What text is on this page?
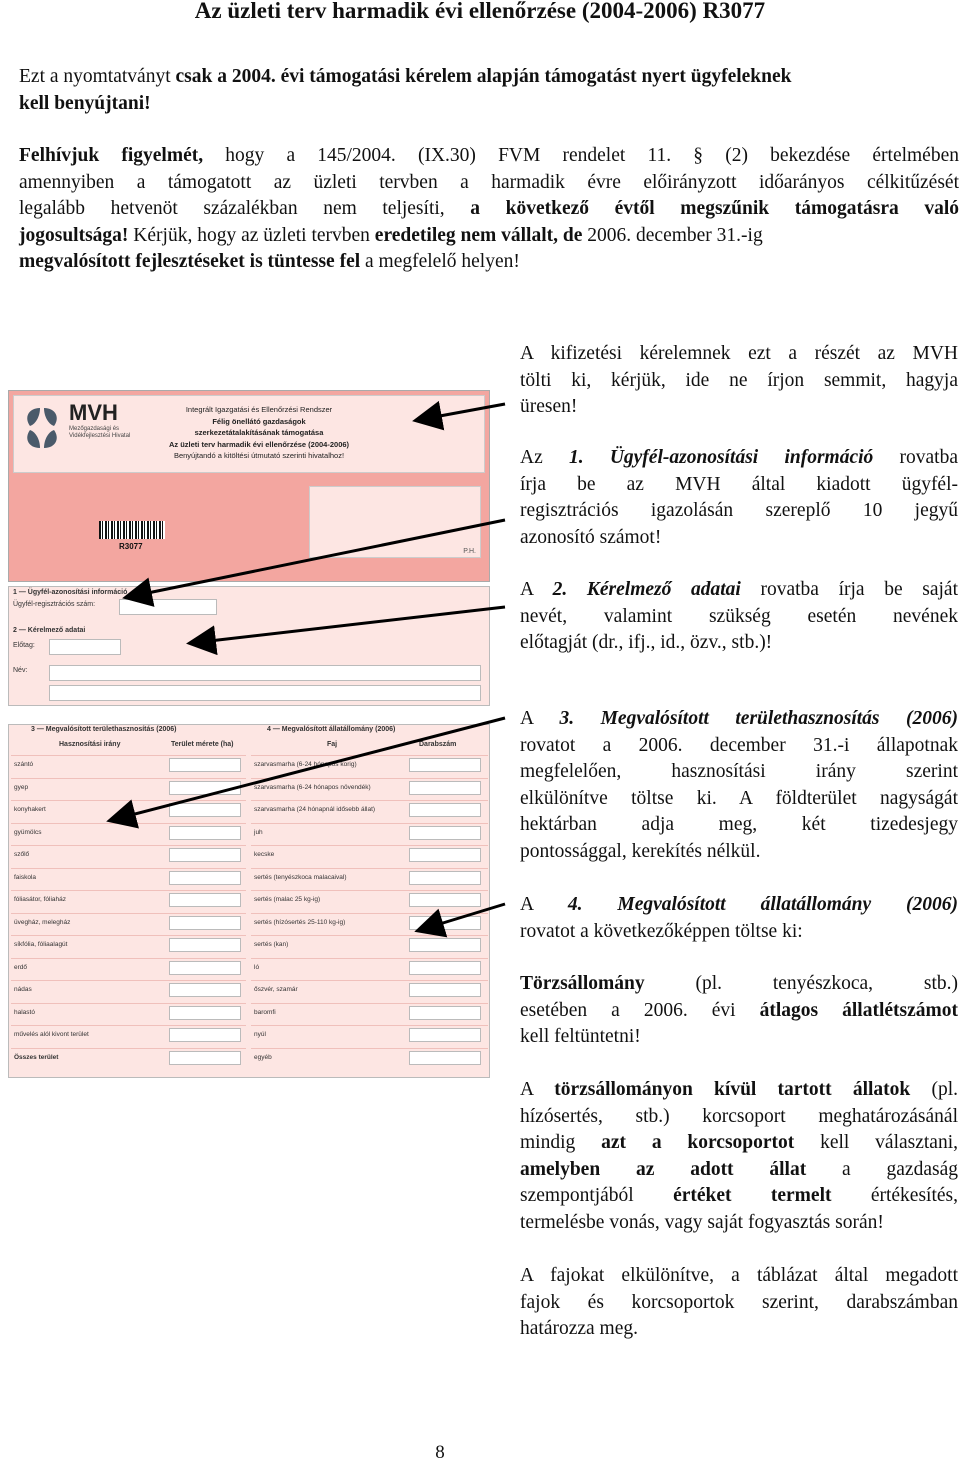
Az üzleti terv harmadik évi ellenőrzése (2004-2006) R3077
Ezt a nyomtatványt csak a 2004. évi támogatási kérelem alapján támogatást nyert ügyfeleknek
kell benyújtani!
Felhívjuk figyelmét, hogy a 145/2004. (IX.30) FVM rendelet 11. § (2) bekezdése értelmében
amennyiben a támogatott az üzleti tervben a harmadik évre előirányzott időarányos célkitűzését
legalább hetvenöt százalékban nem teljesíti, a következő évtől megszűnik támogatásra való
jogosultsága! Kérjük, hogy az üzleti tervben eredetileg nem vállalt, de 2006. december 31.-ig
megvalósított fejlesztéseket is tüntesse fel a megfelelő helyen!
MVH
Mezőgazdasági és Vidékfejlesztési Hivatal
Integrált Igazgatási és Ellenőrzési Rendszer
Félig önellátó gazdaságok
szerkezetátalakításának támogatása
Az üzleti terv harmadik évi ellenőrzése (2004-2006)
Benyújtandó a kitöltési útmutató szerinti hivatalhoz!
R3077
P.H.
1 — Ügyfél-azonosítási információ
Ügyfél-regisztrációs szám:
2 — Kérelmező adatai
Előtag:
Név:
3 — Megvalósított területhasznosítás (2006)
Hasznosítási irány	Terület mérete (ha)
4 — Megvalósított állatállomány (2006)
Faj	Darabszám
szántó
gyep
konyhakert
gyümölcs
szőlő
faiskola
fóliasátor, fóliaház
üvegház, melegház
síkfólia, fóliaalagút
erdő
nádas
halastó
művelés alól kivont terület
Összes terület
szarvasmarha (6-24 hónapos korig)
szarvasmarha (6-24 hónapos növendék)
szarvasmarha (24 hónapnál idősebb állat)
juh
kecske
sertés (tenyészkoca malacaival)
sertés (malac 25 kg-ig)
sertés (hízósertés 25-110 kg-ig)
sertés (kan)
ló
őszvér, szamár
baromfi
nyúl
egyéb
A kifizetési kérelemnek ezt a részét az MVH
tölti ki, kérjük, ide ne írjon semmit, hagyja
üresen!
Az 1. Ügyfél-azonosítási információ rovatba
írja be az MVH által kiadott ügyfél-
regisztrációs igazolásán szereplő 10 jegyű
azonosító számot!
A 2. Kérelmező adatai rovatba írja be saját
nevét, valamint szükség esetén nevének
előtagját (dr., ifj., id., özv., stb.)!
A 3. Megvalósított területhasznosítás (2006)
rovatot a 2006. december 31.-i állapotnak
megfelelően, hasznosítási irány szerint
elkülönítve töltse ki. A földterület nagyságát
hektárban adja meg, két tizedesjegy
pontossággal, kerekítés nélkül.
A 4. Megvalósított állatállomány (2006)
rovatot a következőképpen töltse ki:
Törzsállomány (pl. tenyészkoca, stb.)
esetében a 2006. évi átlagos állatlétszámot
kell feltüntetni!
A törzsállományon kívül tartott állatok (pl.
hízósertés, stb.) korcsoport meghatározásánál
mindig azt a korcsoportot kell választani,
amelyben az adott állat a gazdaság
szempontjából értéket termelt értékesítés,
termelésbe vonás, vagy saját fogyasztás során!
A fajokat elkülönítve, a táblázat által megadott
fajok és korcsoportok szerint, darabszámban
határozza meg.
8
